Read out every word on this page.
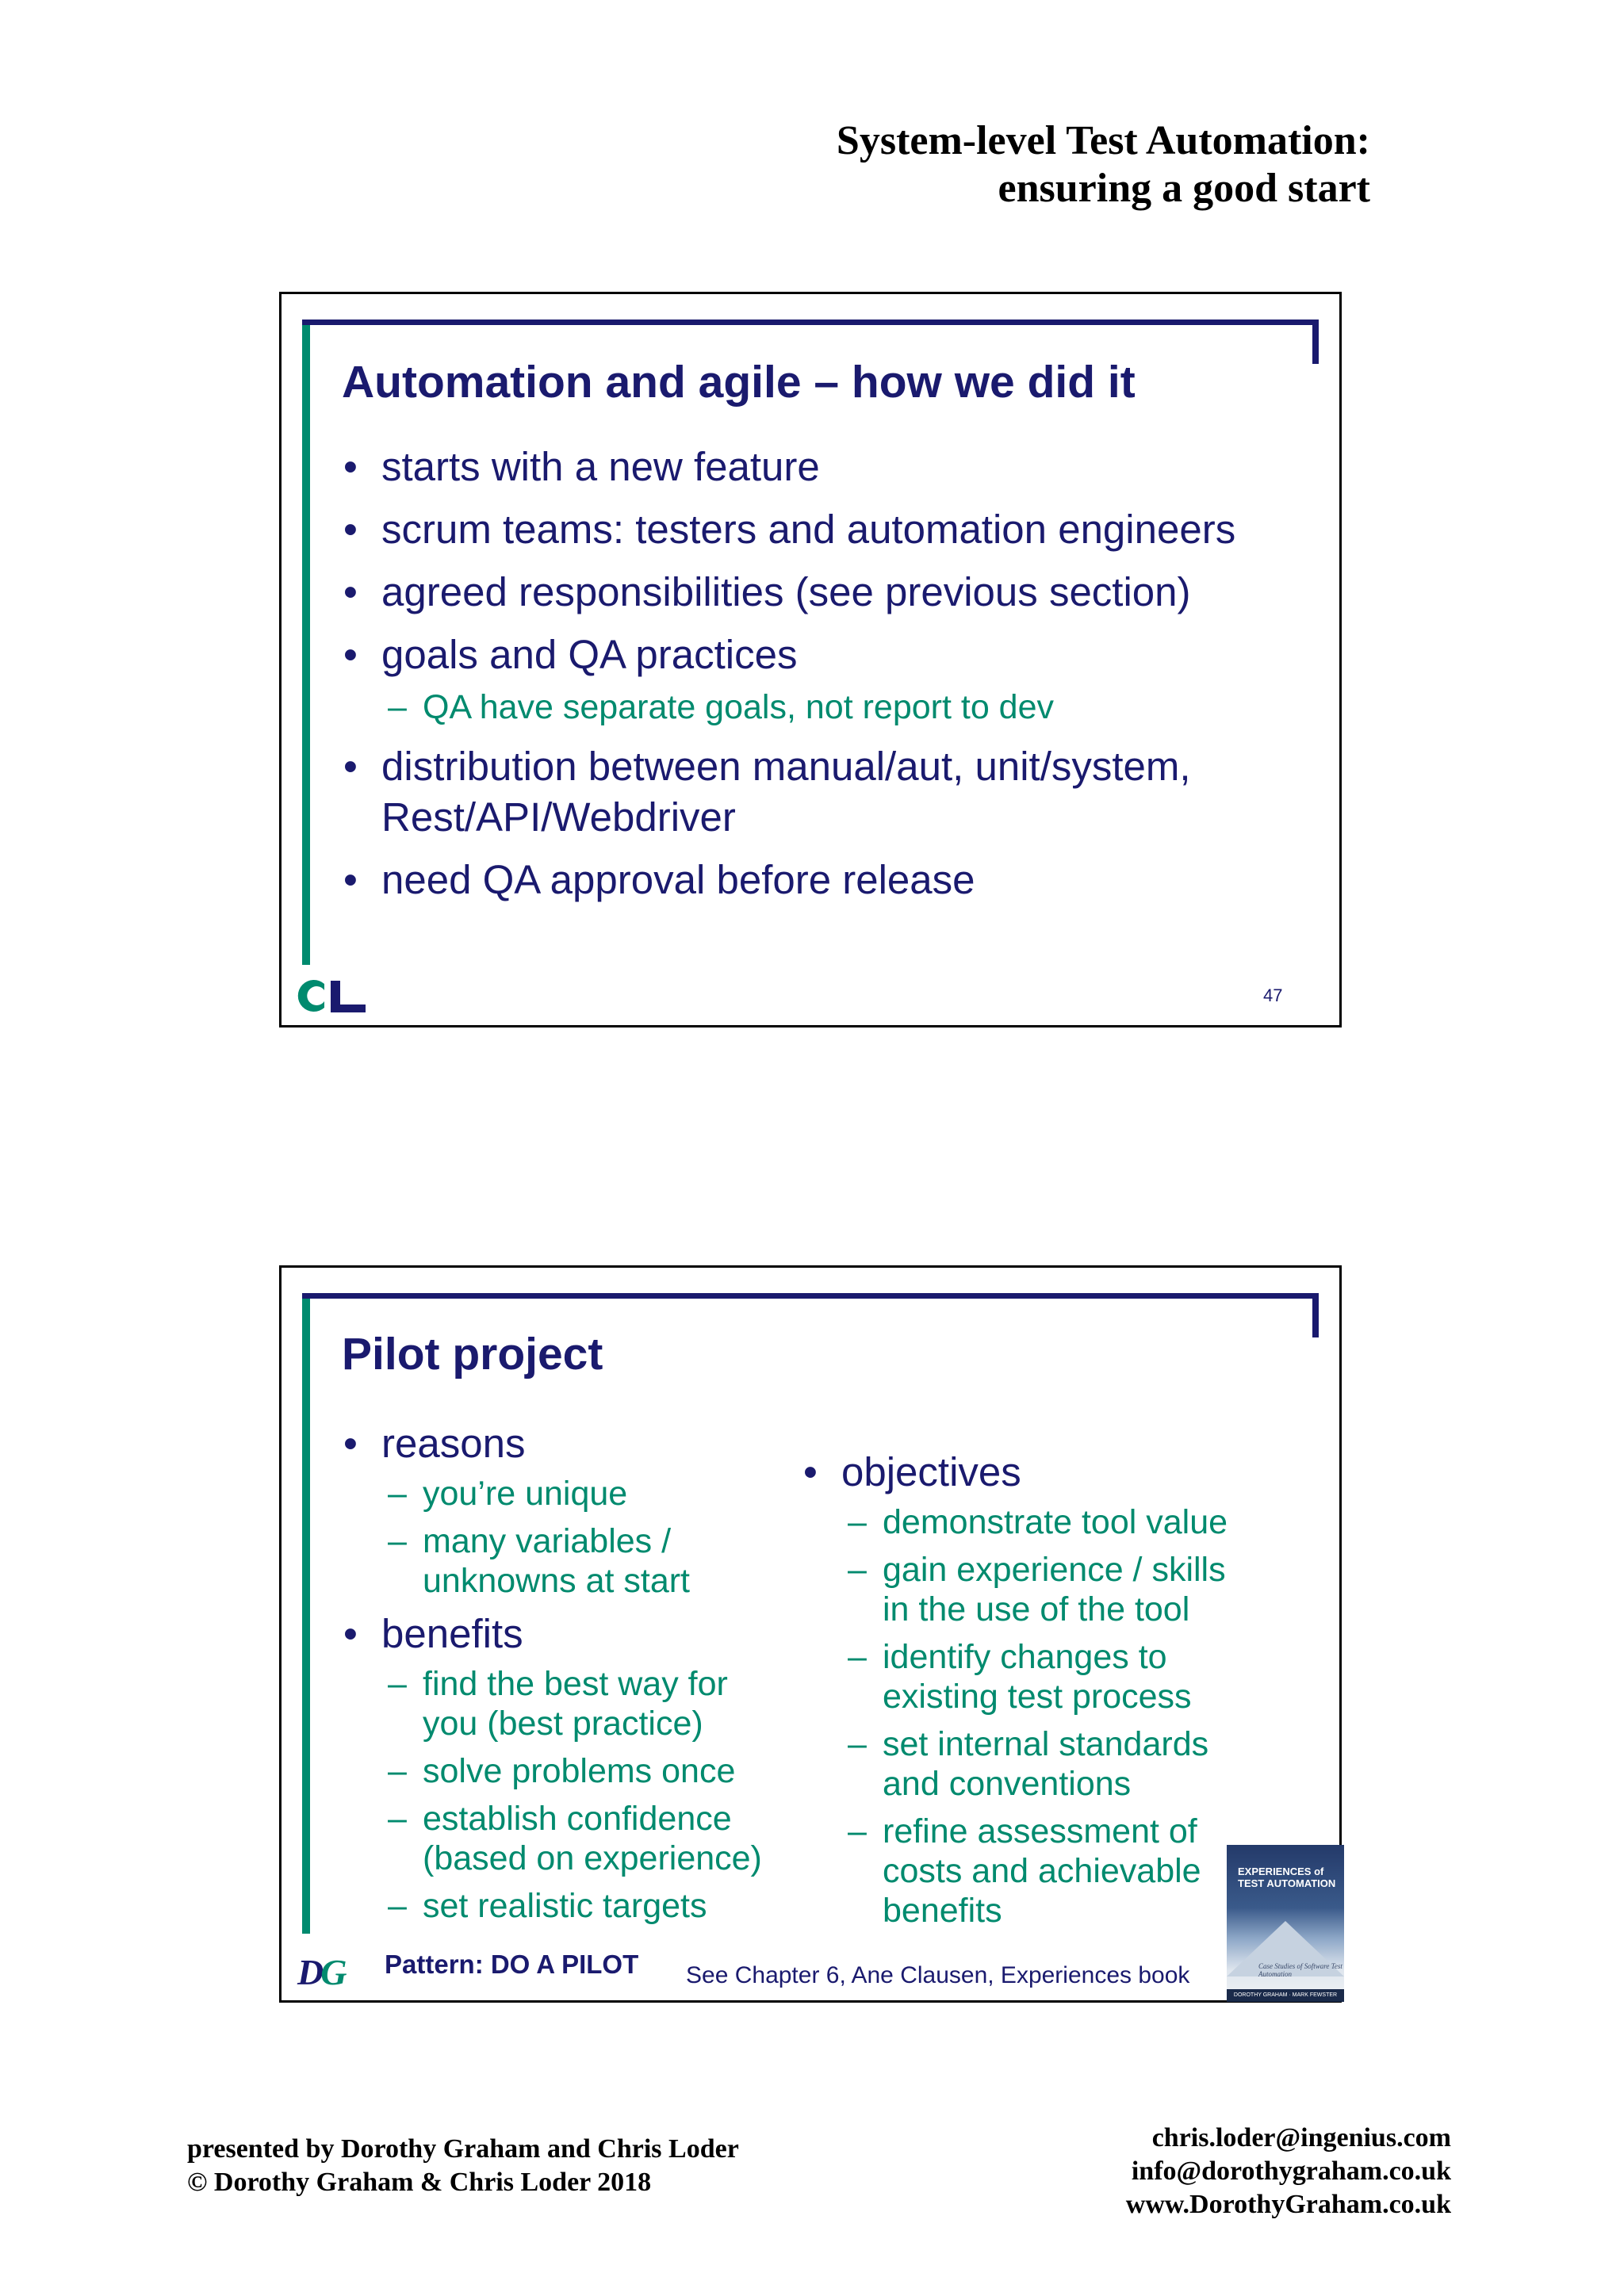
System-level Test Automation:
ensuring a good start
Automation and agile – how we did it
• starts with a new feature
• scrum teams: testers and automation engineers
• agreed responsibilities (see previous section)
• goals and QA practices
– QA have separate goals, not report to dev
• distribution between manual/aut, unit/system, Rest/API/Webdriver
• need QA approval before release
47
Pilot project
• reasons
– you’re unique
– many variables / unknowns at start
• benefits
– find the best way for you (best practice)
– solve problems once
– establish confidence (based on experience)
– set realistic targets
• objectives
– demonstrate tool value
– gain experience / skills in the use of the tool
– identify changes to existing test process
– set internal standards and conventions
– refine assessment of costs and achievable benefits
DG Pattern: DO A PILOT See Chapter 6, Ane Clausen, Experiences book
EXPERIENCES of
TEST AUTOMATION
Case Studies of Software Test Automation
DOROTHY GRAHAM · MARK FEWSTER
presented by Dorothy Graham and Chris Loder
© Dorothy Graham & Chris Loder 2018
chris.loder@ingenius.com
info@dorothygraham.co.uk
www.DorothyGraham.co.uk
